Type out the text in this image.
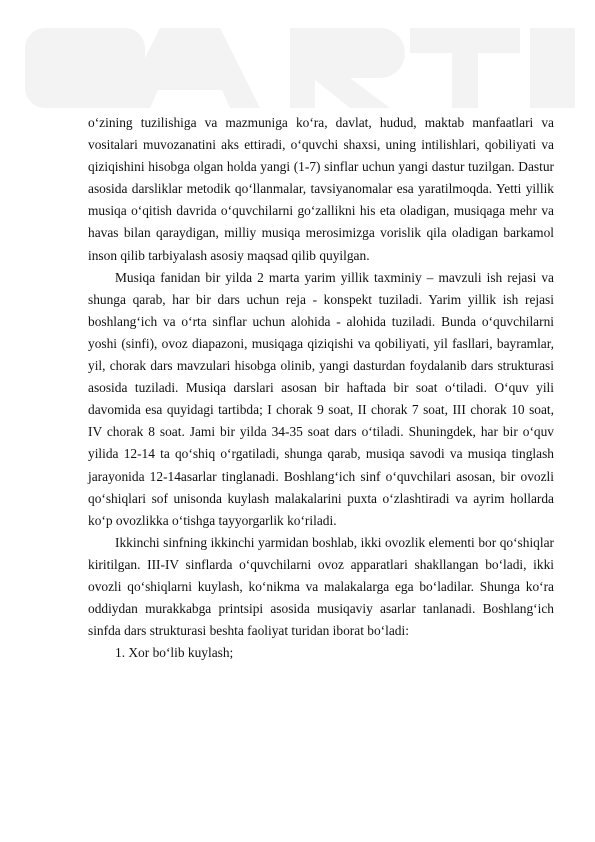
o‘zining tuzilishiga va mazmuniga ko‘ra, davlat, hudud, maktab manfaatlari va vositalari muvozanatini aks ettiradi, o‘quvchi shaxsi, uning intilishlari, qobiliyati va qiziqishini hisobga olgan holda yangi (1-7) sinflar uchun yangi dastur tuzilgan. Dastur asosida darsliklar metodik qo‘llanmalar, tavsiyanomalar esa yaratilmoqda. Yetti yillik musiqa o‘qitish davrida o‘quvchilarni go‘zallikni his eta oladigan, musiqaga mehr va havas bilan qaraydigan, milliy musiqa merosimizga vorislik qila oladigan barkamol inson qilib tarbiyalash asosiy maqsad qilib quyilgan.

Musiqa fanidan bir yilda 2 marta yarim yillik taxminiy – mavzuli ish rejasi va shunga qarab, har bir dars uchun reja - konspekt tuziladi. Yarim yillik ish rejasi boshlang‘ich va o‘rta sinflar uchun alohida - alohida tuziladi. Bunda o‘quvchilarni yoshi (sinfi), ovoz diapazoni, musiqaga qiziqishi va qobiliyati, yil fasllari, bayramlar, yil, chorak dars mavzulari hisobga olinib, yangi dasturdan foydalanib dars strukturasi asosida tuziladi. Musiqa darslari asosan bir haftada bir soat o‘tiladi. O‘quv yili davomida esa quyidagi tartibda; I chorak 9 soat, II chorak 7 soat, III chorak 10 soat, IV chorak 8 soat. Jami bir yilda 34-35 soat dars o‘tiladi. Shuningdek, har bir o‘quv yilida 12-14 ta qo‘shiq o‘rgatiladi, shunga qarab, musiqa savodi va musiqa tinglash jarayonida 12-14asarlar tinglanadi. Boshlang‘ich sinf o‘quvchilari asosan, bir ovozli qo‘shiqlari sof unisonda kuylash malakalarini puxta o‘zlashtiradi va ayrim hollarda ko‘p ovozlikka o‘tishga tayyorgarlik ko‘riladi.

Ikkinchi sinfning ikkinchi yarmidan boshlab, ikki ovozlik elementi bor qo‘shiqlar kiritilgan. III-IV sinflarda o‘quvchilarni ovoz apparatlari shakllangan bo‘ladi, ikki ovozli qo‘shiqlarni kuylash, ko‘nikma va malakalarga ega bo‘ladilar. Shunga ko‘ra oddiydan murakkabga printsipi asosida musiqaviy asarlar tanlanadi. Boshlang‘ich sinfda dars strukturasi beshta faoliyat turidan iborat bo‘ladi:

1. Xor bo‘lib kuylash;
